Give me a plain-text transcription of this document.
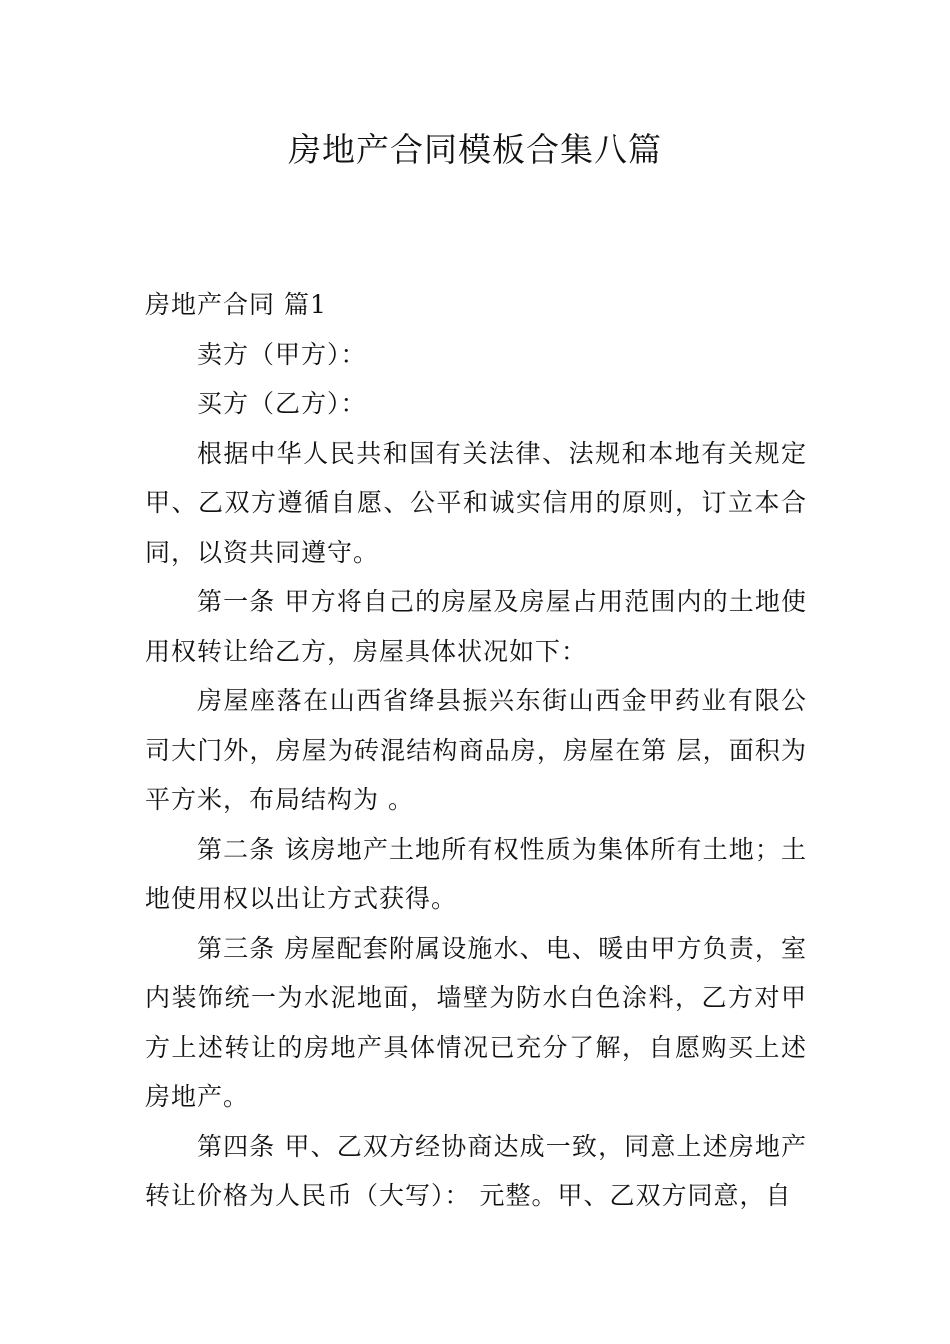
房地产合同模板合集八篇

房地产合同 篇1

卖方（甲方）：

买方（乙方）：

根据中华人民共和国有关法律、法规和本地有关规定甲、乙双方遵循自愿、公平和诚实信用的原则，订立本合同，以资共同遵守。

第一条 甲方将自己的房屋及房屋占用范围内的土地使用权转让给乙方，房屋具体状况如下：

房屋座落在山西省绛县振兴东街山西金甲药业有限公司大门外，房屋为砖混结构商品房，房屋在第 层，面积为 平方米，布局结构为 。

第二条 该房地产土地所有权性质为集体所有土地；土地使用权以出让方式获得。

第三条 房屋配套附属设施水、电、暖由甲方负责，室内装饰统一为水泥地面，墙壁为防水白色涂料，乙方对甲方上述转让的房地产具体情况已充分了解，自愿购买上述房地产。

第四条 甲、乙双方经协商达成一致，同意上述房地产转让价格为人民币（大写）： 元整。甲、乙双方同意，自
